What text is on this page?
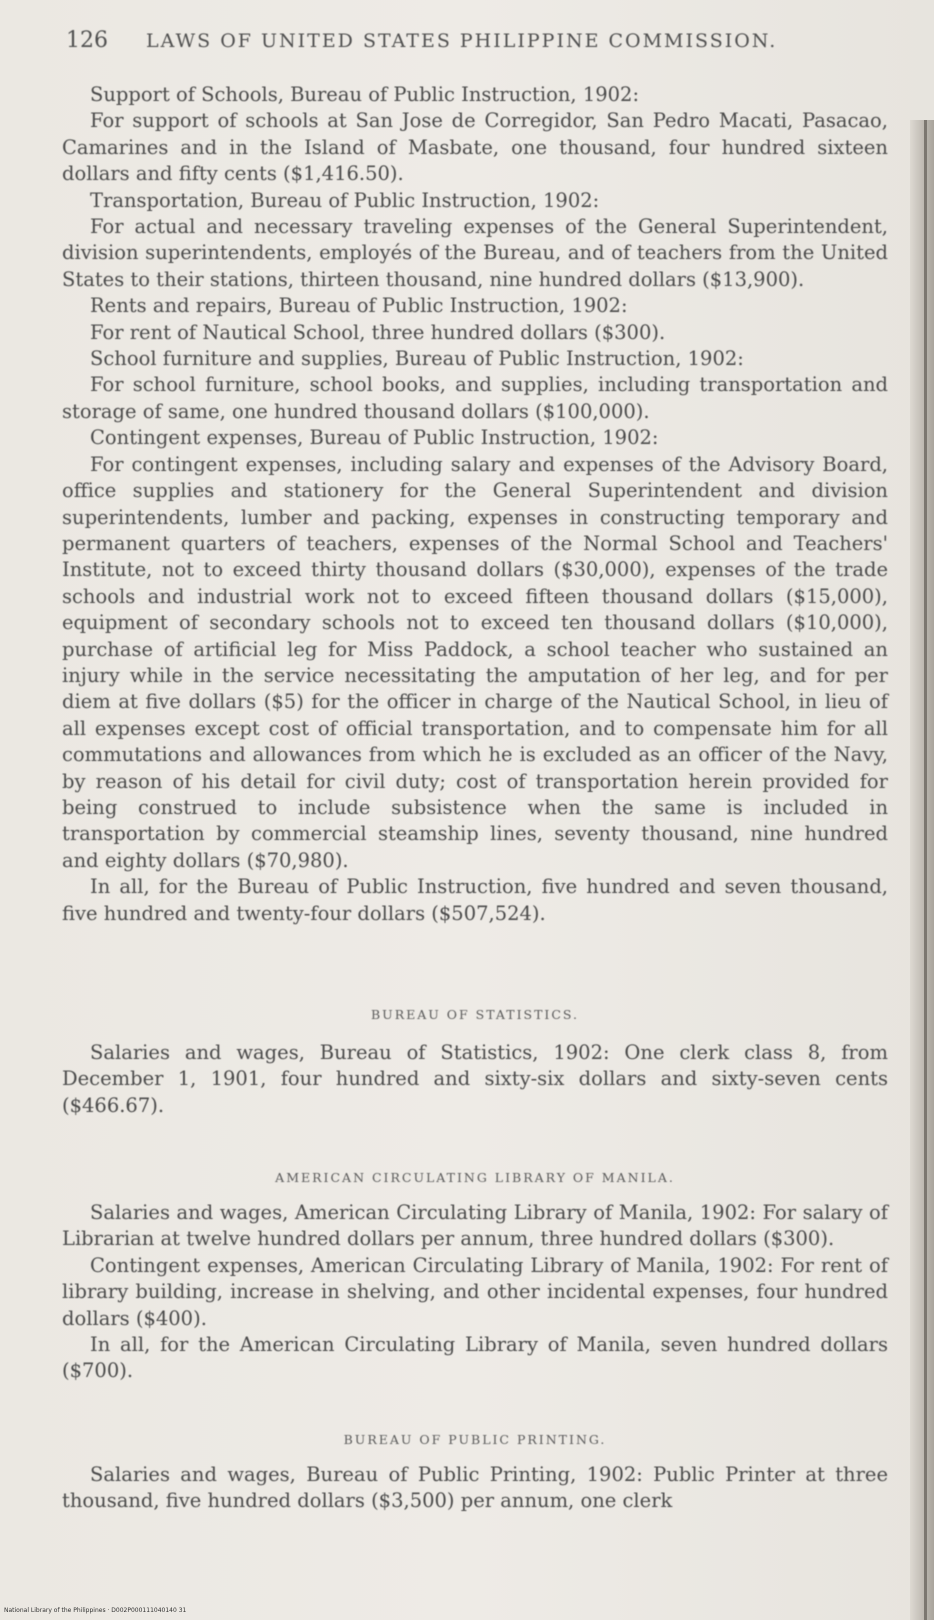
126 LAWS OF UNITED STATES PHILIPPINE COMMISSION.

Support of Schools, Bureau of Public Instruction, 1902:

For support of schools at San Jose de Corregidor, San Pedro Macati, Pasacao, Camarines and in the Island of Masbate, one thousand, four hundred sixteen dollars and fifty cents ($1,416.50).

Transportation, Bureau of Public Instruction, 1902:

For actual and necessary traveling expenses of the General Superintendent, division superintendents, employés of the Bureau, and of teachers from the United States to their stations, thirteen thousand, nine hundred dollars ($13,900).

Rents and repairs, Bureau of Public Instruction, 1902:

For rent of Nautical School, three hundred dollars ($300).

School furniture and supplies, Bureau of Public Instruction, 1902:

For school furniture, school books, and supplies, including transportation and storage of same, one hundred thousand dollars ($100,000).

Contingent expenses, Bureau of Public Instruction, 1902:

For contingent expenses, including salary and expenses of the Advisory Board, office supplies and stationery for the General Superintendent and division superintendents, lumber and packing, expenses in constructing temporary and permanent quarters of teachers, expenses of the Normal School and Teachers' Institute, not to exceed thirty thousand dollars ($30,000), expenses of the trade schools and industrial work not to exceed fifteen thousand dollars ($15,000), equipment of secondary schools not to exceed ten thousand dollars ($10,000), purchase of artificial leg for Miss Paddock, a school teacher who sustained an injury while in the service necessitating the amputation of her leg, and for per diem at five dollars ($5) for the officer in charge of the Nautical School, in lieu of all expenses except cost of official transportation, and to compensate him for all commutations and allowances from which he is excluded as an officer of the Navy, by reason of his detail for civil duty; cost of transportation herein provided for being construed to include subsistence when the same is included in transportation by commercial steamship lines, seventy thousand, nine hundred and eighty dollars ($70,980).

In all, for the Bureau of Public Instruction, five hundred and seven thousand, five hundred and twenty-four dollars ($507,524).

BUREAU OF STATISTICS.

Salaries and wages, Bureau of Statistics, 1902: One clerk class 8, from December 1, 1901, four hundred and sixty-six dollars and sixty-seven cents ($466.67).

AMERICAN CIRCULATING LIBRARY OF MANILA.

Salaries and wages, American Circulating Library of Manila, 1902: For salary of Librarian at twelve hundred dollars per annum, three hundred dollars ($300).

Contingent expenses, American Circulating Library of Manila, 1902: For rent of library building, increase in shelving, and other incidental expenses, four hundred dollars ($400).

In all, for the American Circulating Library of Manila, seven hundred dollars ($700).

BUREAU OF PUBLIC PRINTING.

Salaries and wages, Bureau of Public Printing, 1902: Public Printer at three thousand, five hundred dollars ($3,500) per annum, one clerk

National Library of the Philippines · D002P000111040140 31
